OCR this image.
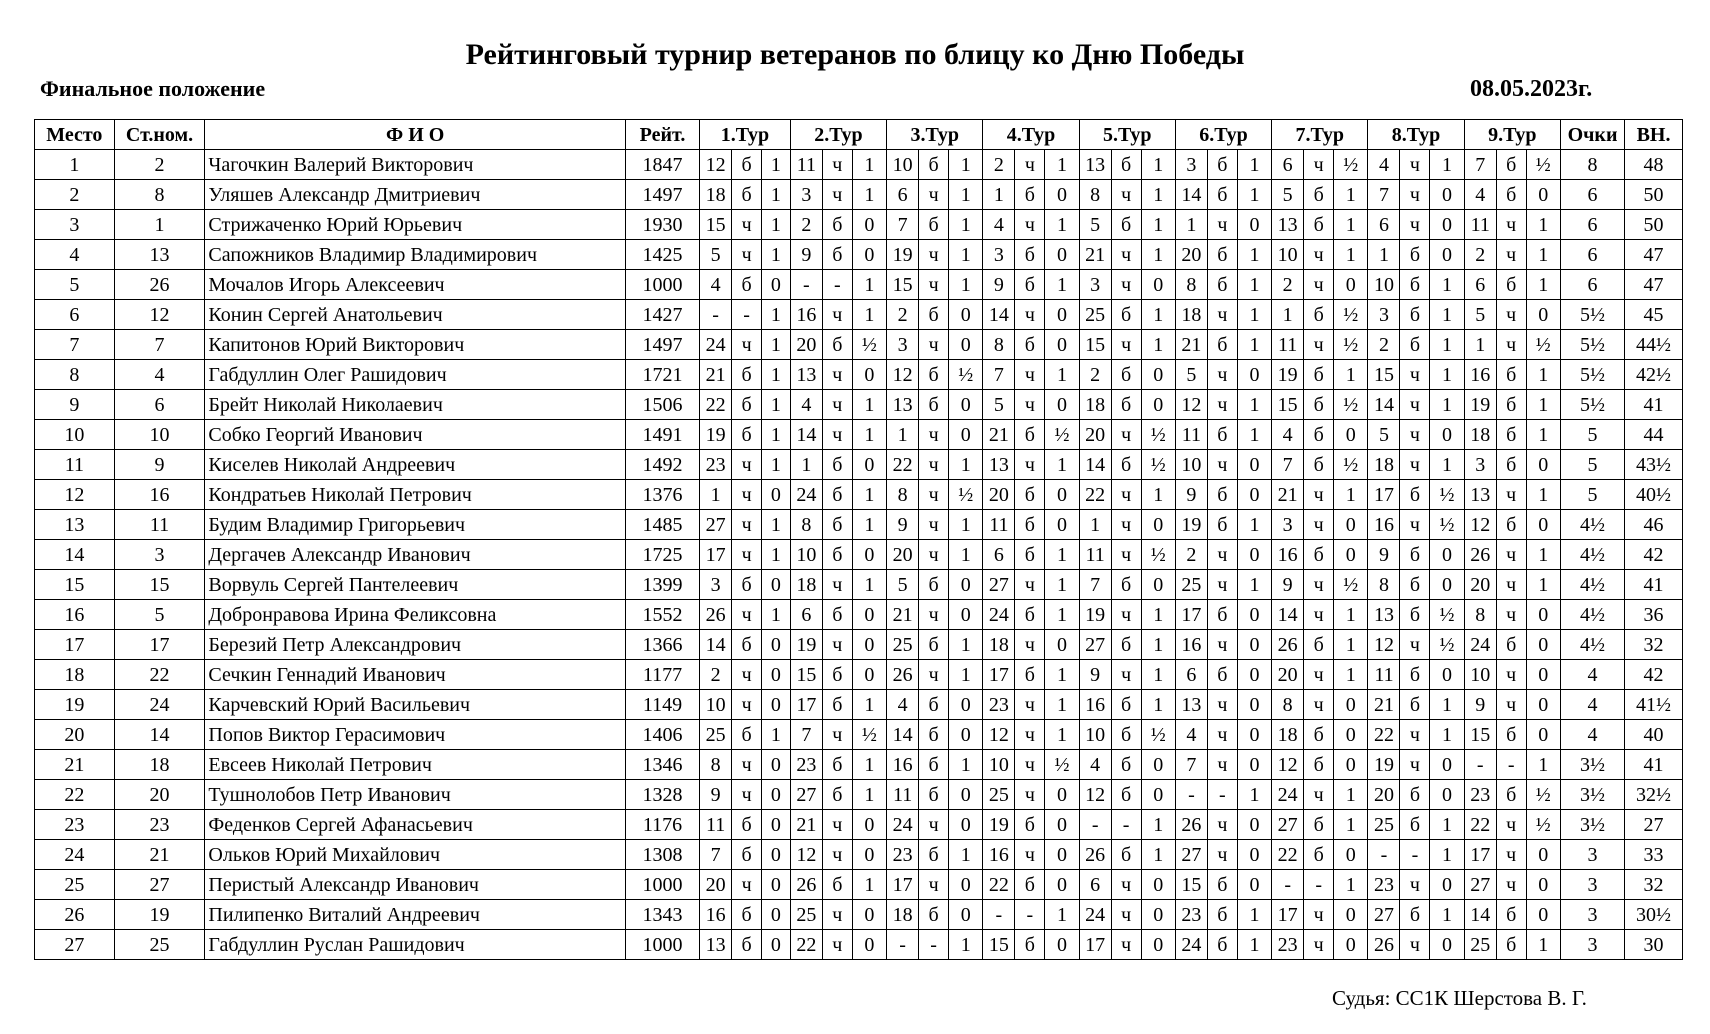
Рейтинговый турнир ветеранов по блицу ко Дню Победы
Финальное положение	08.05.2023г.
Место	Ст.ном.	Ф И О	Рейт.	1.Тур			2.Тур			3.Тур			4.Тур			5.Тур			6.Тур			7.Тур			8.Тур			9.Тур			Очки	ВН.
1	2	Чагочкин Валерий Викторович	1847	12	б	1	11	ч	1	10	б	1	2	ч	1	13	б	1	3	б	1	6	ч	½	4	ч	1	7	б	½	8	48
2	8	Уляшев Александр Дмитриевич	1497	18	б	1	3	ч	1	6	ч	1	1	б	0	8	ч	1	14	б	1	5	б	1	7	ч	0	4	б	0	6	50
3	1	Стрижаченко Юрий Юрьевич	1930	15	ч	1	2	б	0	7	б	1	4	ч	1	5	б	1	1	ч	0	13	б	1	6	ч	0	11	ч	1	6	50
4	13	Сапожников Владимир Владимирович	1425	5	ч	1	9	б	0	19	ч	1	3	б	0	21	ч	1	20	б	1	10	ч	1	1	б	0	2	ч	1	6	47
5	26	Мочалов Игорь Алексеевич	1000	4	б	0	-	-	1	15	ч	1	9	б	1	3	ч	0	8	б	1	2	ч	0	10	б	1	6	б	1	6	47
6	12	Конин Сергей Анатольевич	1427	-	-	1	16	ч	1	2	б	0	14	ч	0	25	б	1	18	ч	1	1	б	½	3	б	1	5	ч	0	5½	45
7	7	Капитонов Юрий Викторович	1497	24	ч	1	20	б	½	3	ч	0	8	б	0	15	ч	1	21	б	1	11	ч	½	2	б	1	1	ч	½	5½	44½
8	4	Габдуллин Олег Рашидович	1721	21	б	1	13	ч	0	12	б	½	7	ч	1	2	б	0	5	ч	0	19	б	1	15	ч	1	16	б	1	5½	42½
9	6	Брейт Николай Николаевич	1506	22	б	1	4	ч	1	13	б	0	5	ч	0	18	б	0	12	ч	1	15	б	½	14	ч	1	19	б	1	5½	41
10	10	Собко Георгий Иванович	1491	19	б	1	14	ч	1	1	ч	0	21	б	½	20	ч	½	11	б	1	4	б	0	5	ч	0	18	б	1	5	44
11	9	Киселев Николай Андреевич	1492	23	ч	1	1	б	0	22	ч	1	13	ч	1	14	б	½	10	ч	0	7	б	½	18	ч	1	3	б	0	5	43½
12	16	Кондратьев Николай Петрович	1376	1	ч	0	24	б	1	8	ч	½	20	б	0	22	ч	1	9	б	0	21	ч	1	17	б	½	13	ч	1	5	40½
13	11	Будим Владимир Григорьевич	1485	27	ч	1	8	б	1	9	ч	1	11	б	0	1	ч	0	19	б	1	3	ч	0	16	ч	½	12	б	0	4½	46
14	3	Дергачев Александр Иванович	1725	17	ч	1	10	б	0	20	ч	1	6	б	1	11	ч	½	2	ч	0	16	б	0	9	б	0	26	ч	1	4½	42
15	15	Ворвуль Сергей Пантелеевич	1399	3	б	0	18	ч	1	5	б	0	27	ч	1	7	б	0	25	ч	1	9	ч	½	8	б	0	20	ч	1	4½	41
16	5	Добронравова Ирина Феликсовна	1552	26	ч	1	6	б	0	21	ч	0	24	б	1	19	ч	1	17	б	0	14	ч	1	13	б	½	8	ч	0	4½	36
17	17	Березий Петр Александрович	1366	14	б	0	19	ч	0	25	б	1	18	ч	0	27	б	1	16	ч	0	26	б	1	12	ч	½	24	б	0	4½	32
18	22	Сечкин Геннадий Иванович	1177	2	ч	0	15	б	0	26	ч	1	17	б	1	9	ч	1	6	б	0	20	ч	1	11	б	0	10	ч	0	4	42
19	24	Карчевский Юрий Васильевич	1149	10	ч	0	17	б	1	4	б	0	23	ч	1	16	б	1	13	ч	0	8	ч	0	21	б	1	9	ч	0	4	41½
20	14	Попов Виктор Герасимович	1406	25	б	1	7	ч	½	14	б	0	12	ч	1	10	б	½	4	ч	0	18	б	0	22	ч	1	15	б	0	4	40
21	18	Евсеев Николай Петрович	1346	8	ч	0	23	б	1	16	б	1	10	ч	½	4	б	0	7	ч	0	12	б	0	19	ч	0	-	-	1	3½	41
22	20	Тушнолобов Петр Иванович	1328	9	ч	0	27	б	1	11	б	0	25	ч	0	12	б	0	-	-	1	24	ч	1	20	б	0	23	б	½	3½	32½
23	23	Феденков Сергей Афанасьевич	1176	11	б	0	21	ч	0	24	ч	0	19	б	0	-	-	1	26	ч	0	27	б	1	25	б	1	22	ч	½	3½	27
24	21	Ольков Юрий Михайлович	1308	7	б	0	12	ч	0	23	б	1	16	ч	0	26	б	1	27	ч	0	22	б	0	-	-	1	17	ч	0	3	33
25	27	Перистый Александр Иванович	1000	20	ч	0	26	б	1	17	ч	0	22	б	0	6	ч	0	15	б	0	-	-	1	23	ч	0	27	ч	0	3	32
26	19	Пилипенко Виталий Андреевич	1343	16	б	0	25	ч	0	18	б	0	-	-	1	24	ч	0	23	б	1	17	ч	0	27	б	1	14	б	0	3	30½
27	25	Габдуллин Руслан Рашидович	1000	13	б	0	22	ч	0	-	-	1	15	б	0	17	ч	0	24	б	1	23	ч	0	26	ч	0	25	б	1	3	30
Судья: СС1К Шерстова В. Г.
